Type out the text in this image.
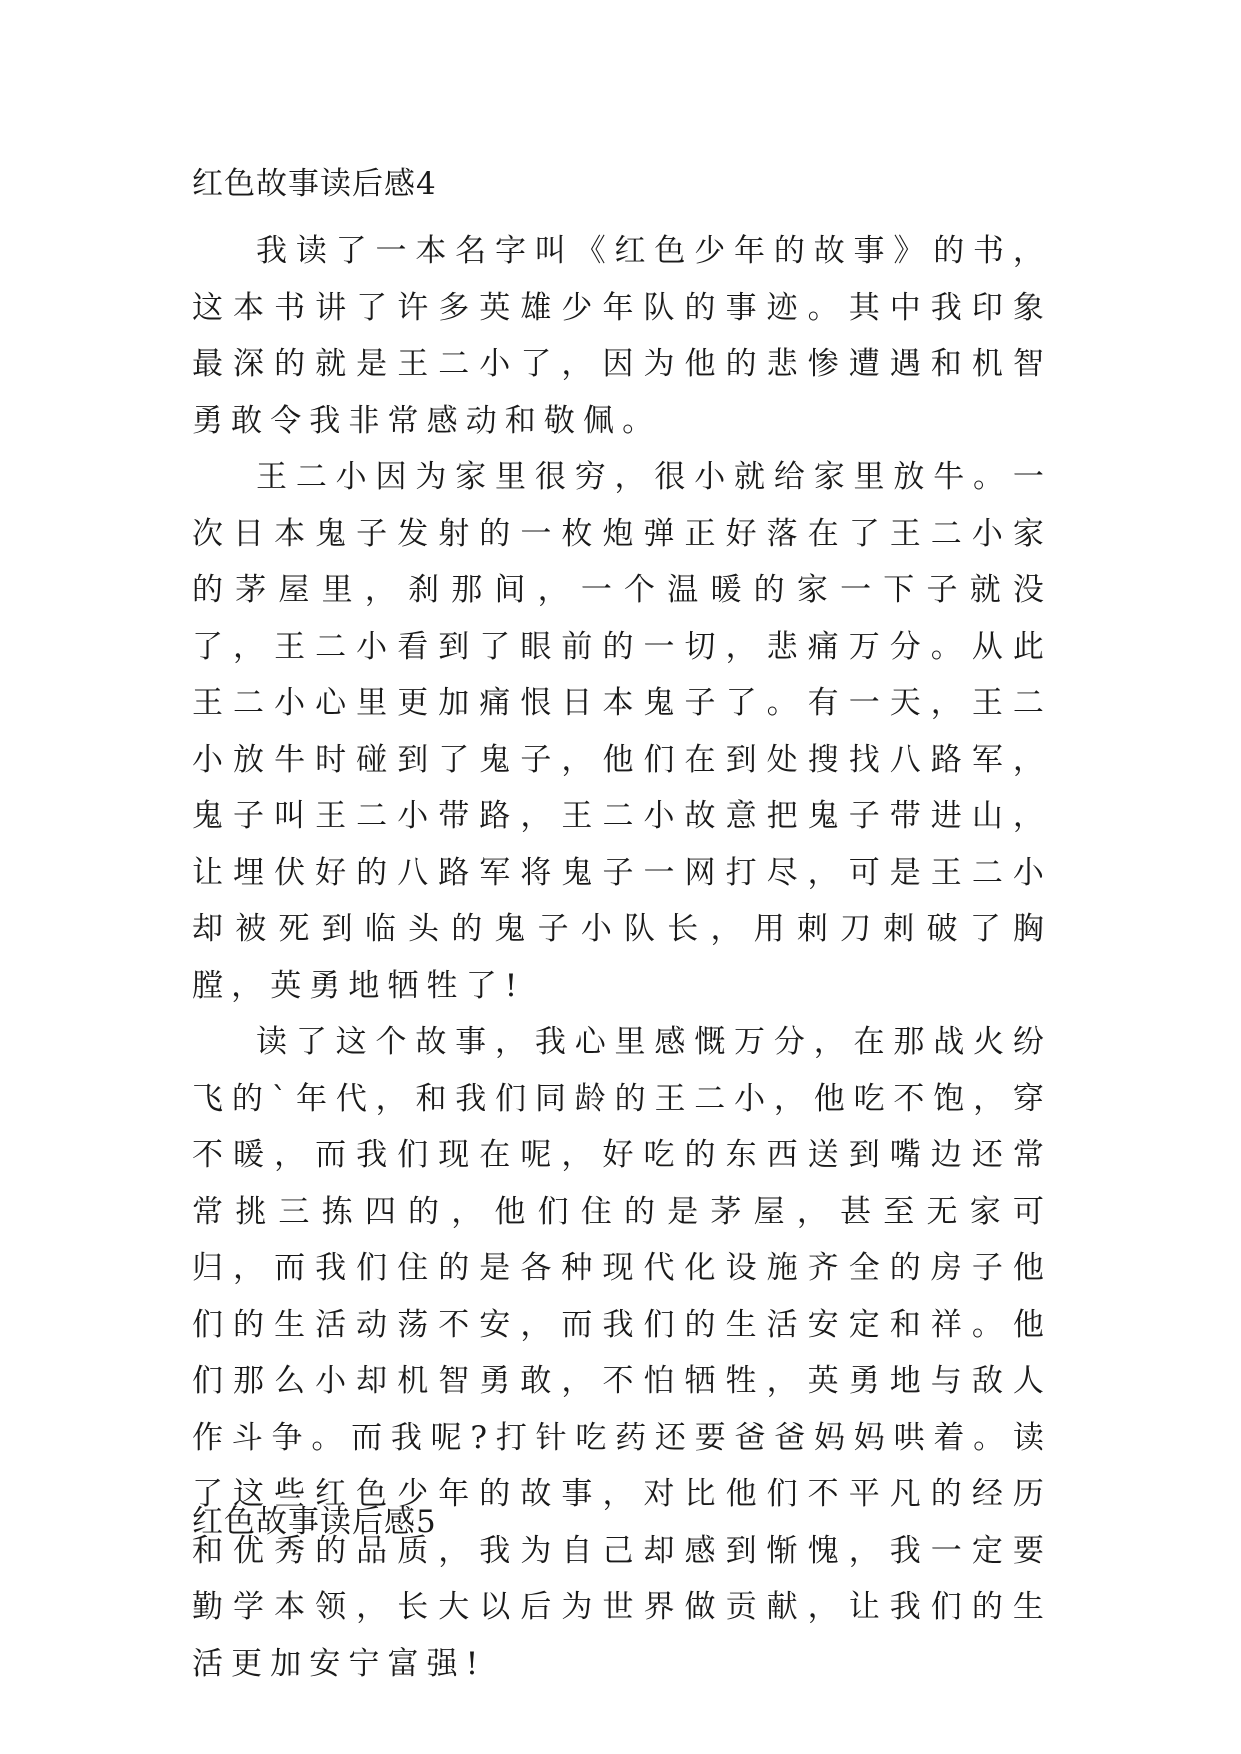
红色故事读后感4

我读了一本名字叫《红色少年的故事》的书，这本书讲了许多英雄少年队的事迹。其中我印象最深的就是王二小了，因为他的悲惨遭遇和机智勇敢令我非常感动和敬佩。

王二小因为家里很穷，很小就给家里放牛。一次日本鬼子发射的一枚炮弹正好落在了王二小家的茅屋里，刹那间，一个温暖的家一下子就没了，王二小看到了眼前的一切，悲痛万分。从此王二小心里更加痛恨日本鬼子了。有一天，王二小放牛时碰到了鬼子，他们在到处搜找八路军，鬼子叫王二小带路，王二小故意把鬼子带进山，让埋伏好的八路军将鬼子一网打尽，可是王二小却被死到临头的鬼子小队长，用刺刀刺破了胸膛，英勇地牺牲了!

读了这个故事，我心里感慨万分，在那战火纷飞的`年代，和我们同龄的王二小，他吃不饱，穿不暖，而我们现在呢，好吃的东西送到嘴边还常常挑三拣四的，他们住的是茅屋，甚至无家可归，而我们住的是各种现代化设施齐全的房子他们的生活动荡不安，而我们的生活安定和祥。他们那么小却机智勇敢，不怕牺牲，英勇地与敌人作斗争。而我呢?打针吃药还要爸爸妈妈哄着。读了这些红色少年的故事，对比他们不平凡的经历和优秀的品质，我为自己却感到惭愧，我一定要勤学本领，长大以后为世界做贡献，让我们的生活更加安宁富强!

红色故事读后感5
